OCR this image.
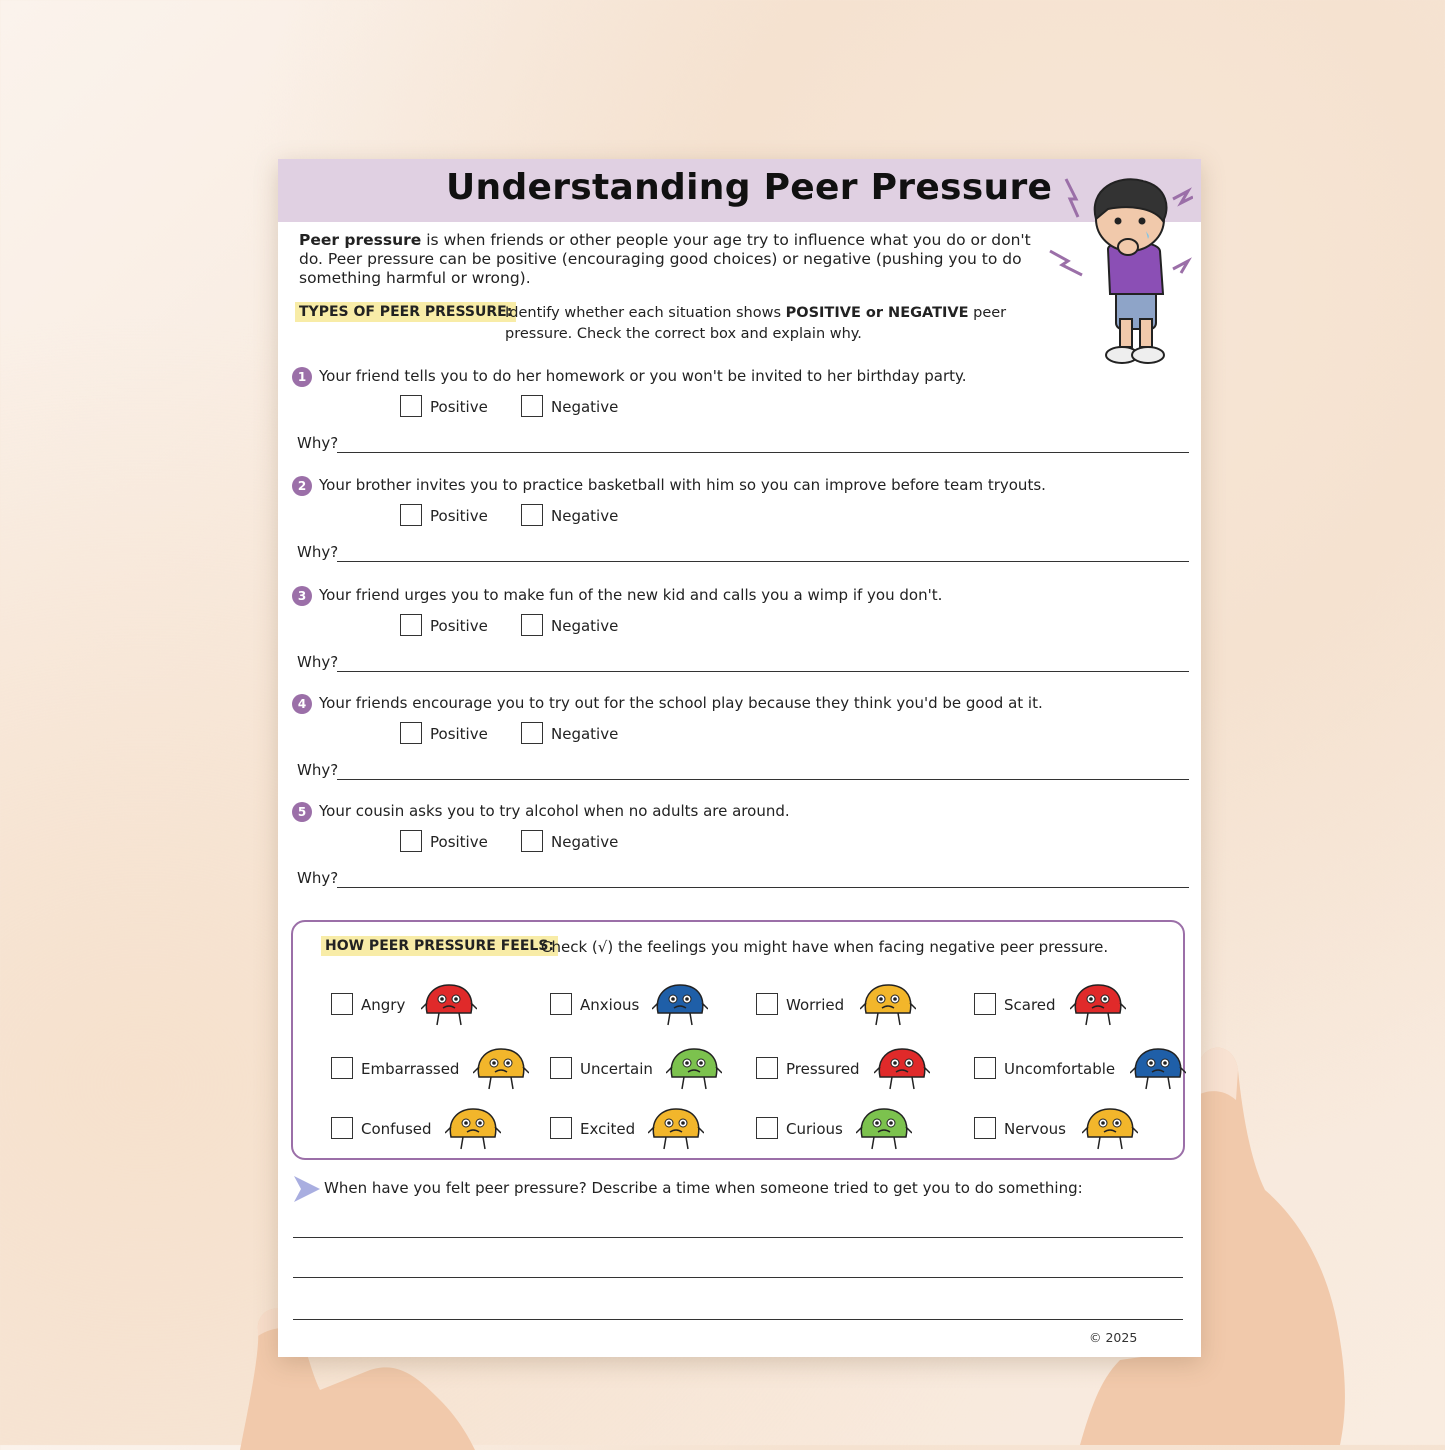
Understanding Peer Pressure
Peer pressure is when friends or other people your age try to influence what you do or don't do. Peer pressure can be positive (encouraging good choices) or negative (pushing you to do something harmful or wrong).
TYPES OF PEER PRESSURE:
Identify whether each situation shows POSITIVE or NEGATIVE peer pressure. Check the correct box and explain why.
1 Your friend tells you to do her homework or you won't be invited to her birthday party.
Positive	Negative
Why?
2 Your brother invites you to practice basketball with him so you can improve before team tryouts.
Positive	Negative
Why?
3 Your friend urges you to make fun of the new kid and calls you a wimp if you don't.
Positive	Negative
Why?
4 Your friends encourage you to try out for the school play because they think you'd be good at it.
Positive	Negative
Why?
5 Your cousin asks you to try alcohol when no adults are around.
Positive	Negative
Why?
HOW PEER PRESSURE FEELS:
Check (√) the feelings you might have when facing negative peer pressure.
Angry	Anxious	Worried	Scared
Embarrassed	Uncertain	Pressured	Uncomfortable
Confused	Excited	Curious	Nervous
When have you felt peer pressure? Describe a time when someone tried to get you to do something:
© 2025
